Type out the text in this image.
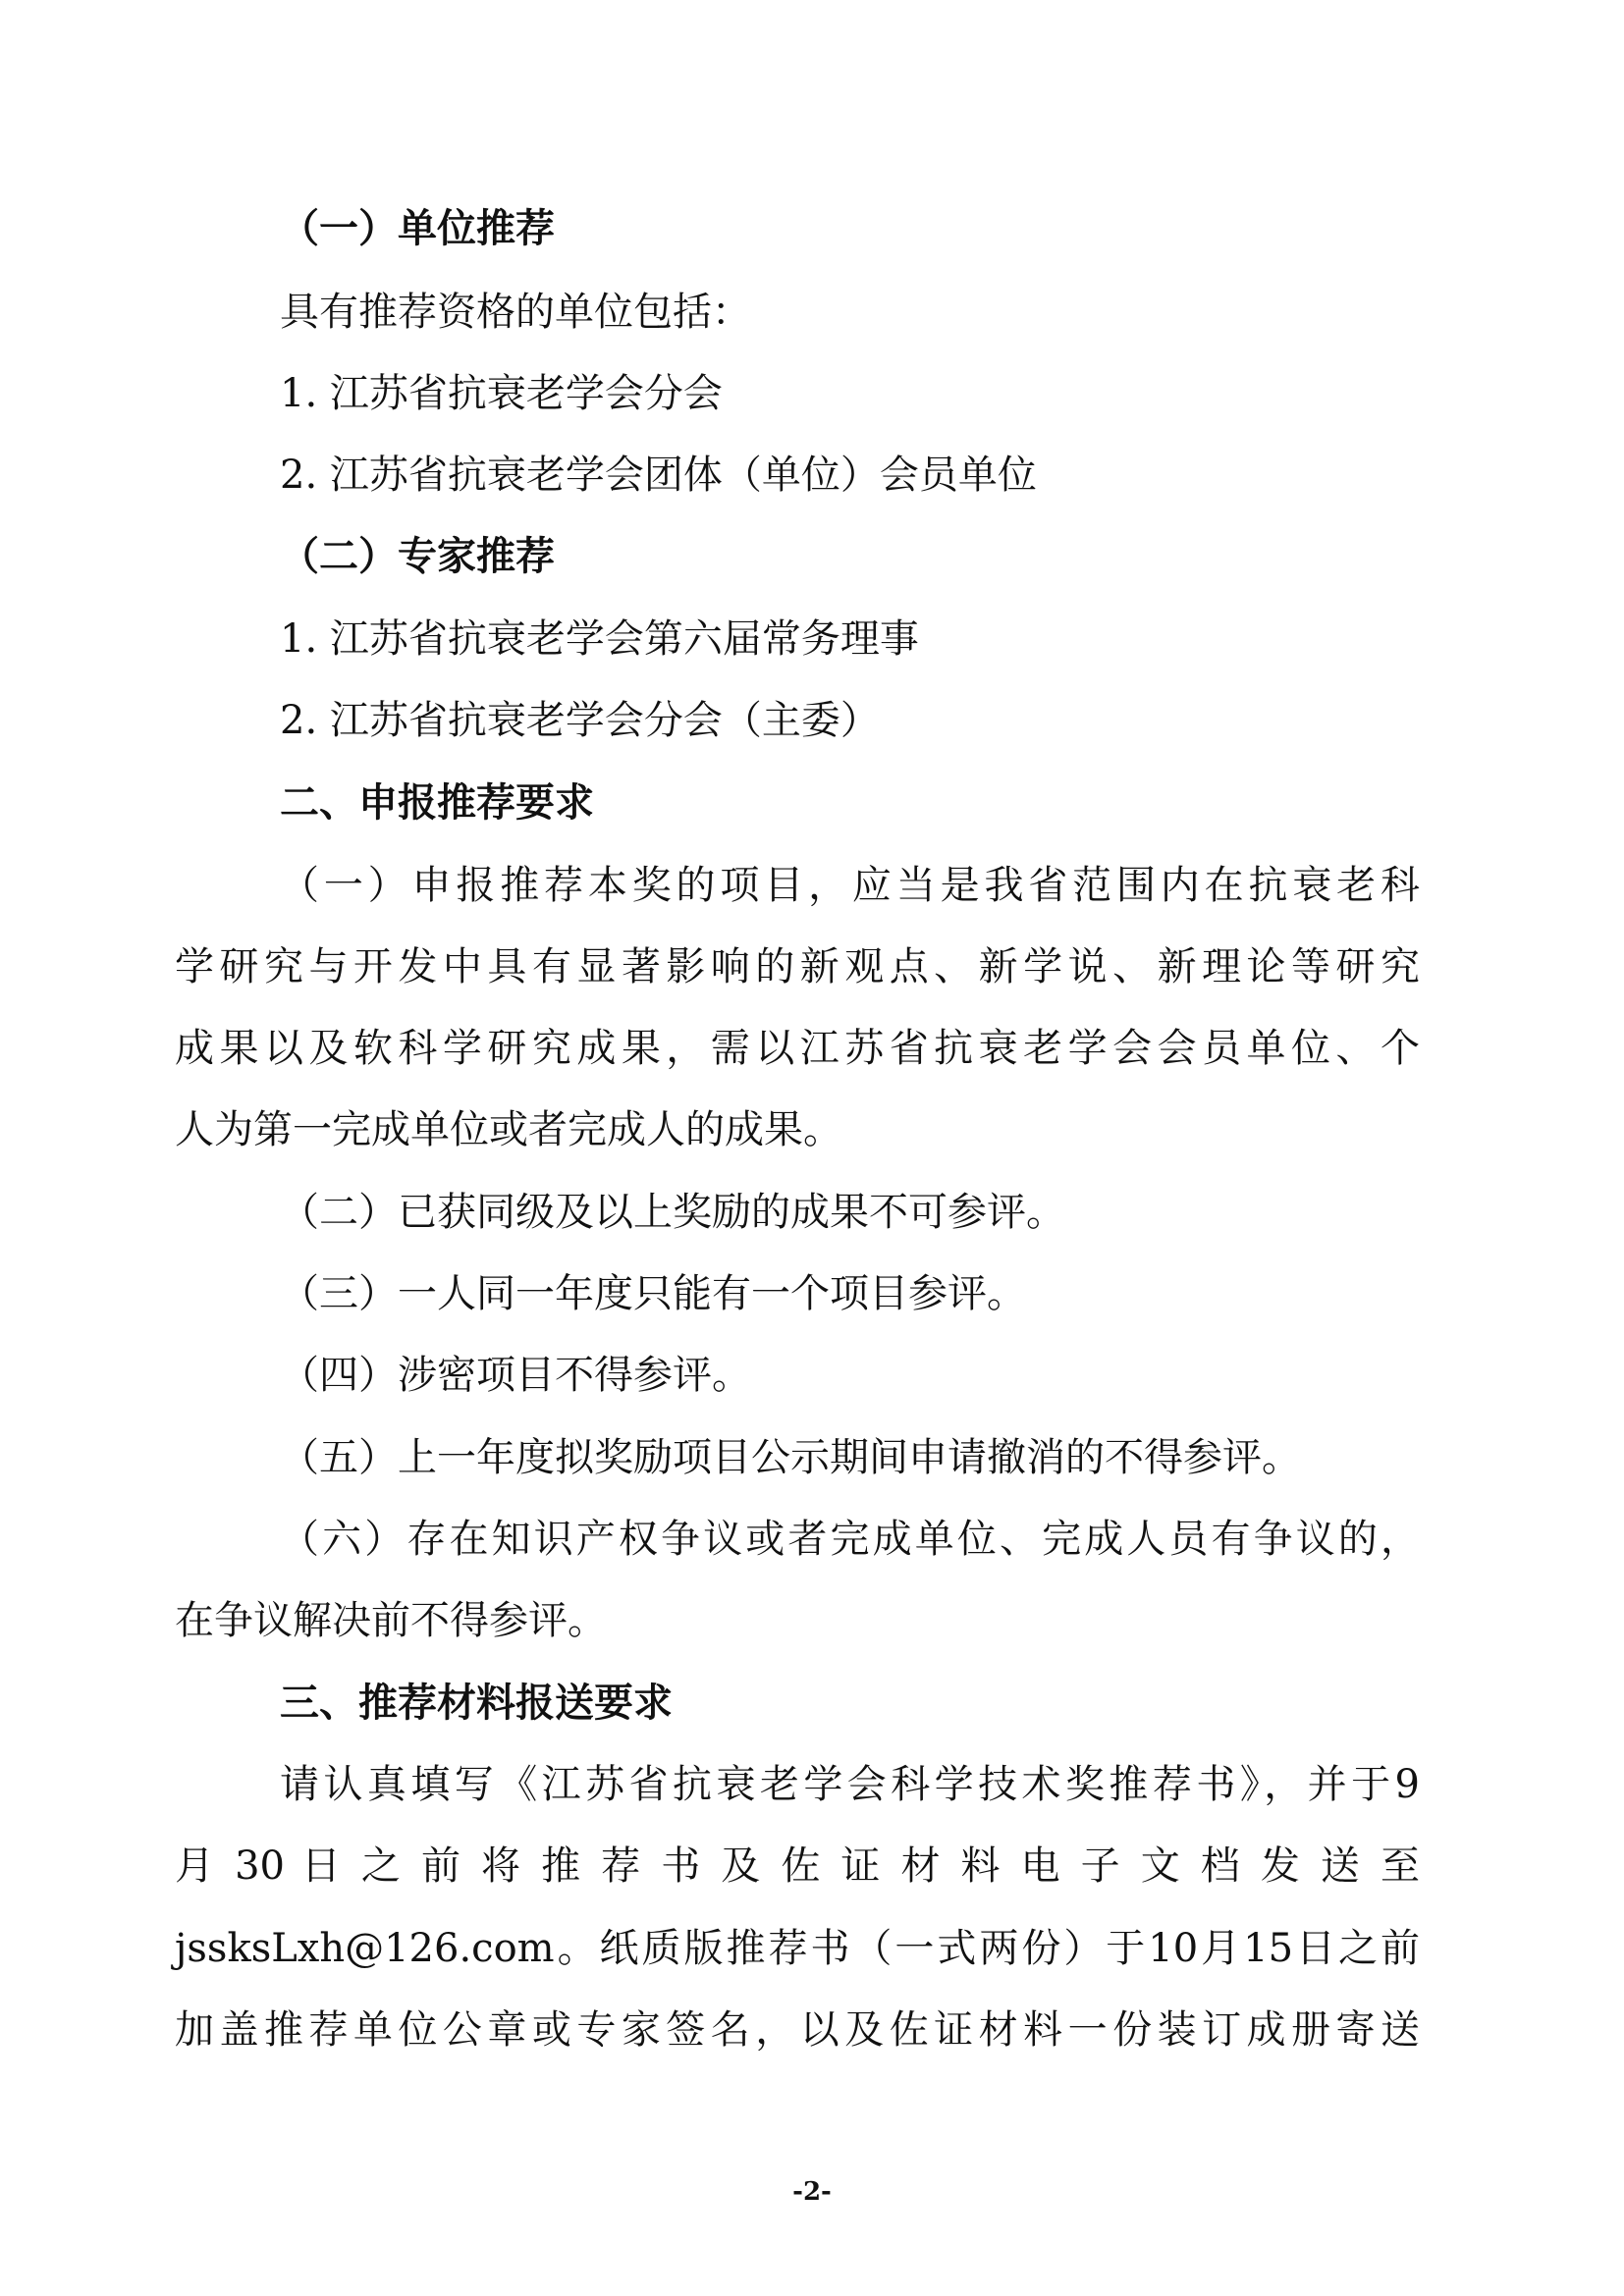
（一）单位推荐
具有推荐资格的单位包括：
1. 江苏省抗衰老学会分会
2. 江苏省抗衰老学会团体（单位）会员单位
（二）专家推荐
1. 江苏省抗衰老学会第六届常务理事
2. 江苏省抗衰老学会分会（主委）
二、申报推荐要求
（一）申报推荐本奖的项目，应当是我省范围内在抗衰老科
学研究与开发中具有显著影响的新观点、新学说、新理论等研究
成果以及软科学研究成果，需以江苏省抗衰老学会会员单位、个
人为第一完成单位或者完成人的成果。
（二）已获同级及以上奖励的成果不可参评。
（三）一人同一年度只能有一个项目参评。
（四）涉密项目不得参评。
（五）上一年度拟奖励项目公示期间申请撤消的不得参评。
（六）存在知识产权争议或者完成单位、完成人员有争议的，
在争议解决前不得参评。
三、推荐材料报送要求
请认真填写《江苏省抗衰老学会科学技术奖推荐书》，并于9
月 30 日 之 前 将 推 荐 书 及 佐 证 材 料 电 子 文 档 发 送 至
jssksLxh@126.com。纸质版推荐书（一式两份）于10月15日之前
加盖推荐单位公章或专家签名，以及佐证材料一份装订成册寄送
-2-
